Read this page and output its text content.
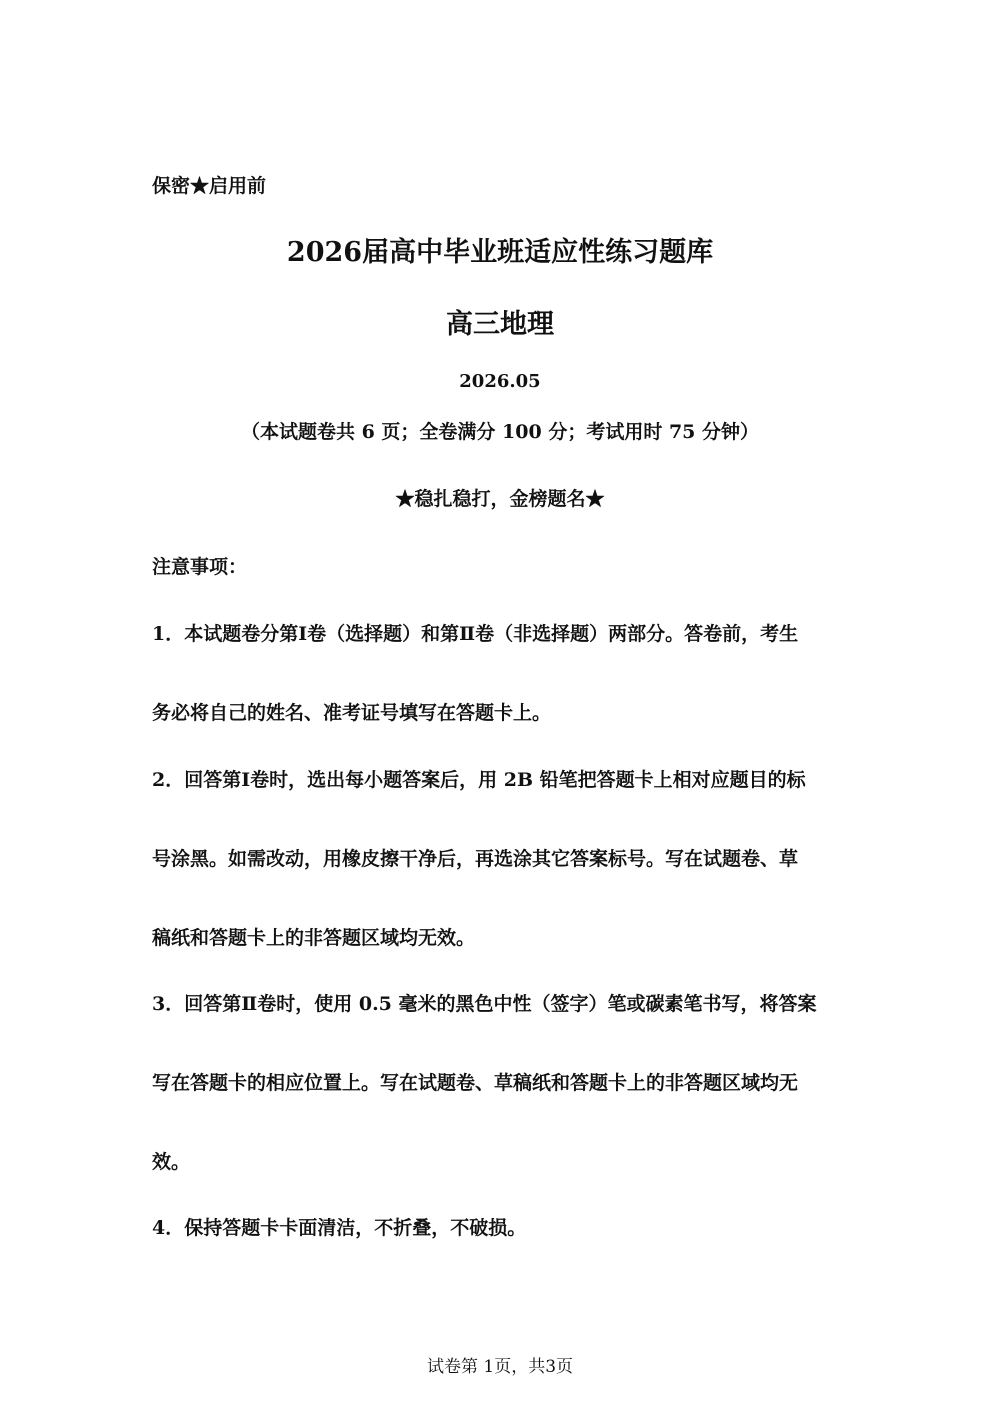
保密★启用前

2026届高中毕业班适应性练习题库
高三地理

2026.05

（本试题卷共 6 页；全卷满分 100 分；考试用时 75 分钟）

★稳扎稳打，金榜题名★

注意事项：

1．本试题卷分第Ⅰ卷（选择题）和第Ⅱ卷（非选择题）两部分。答卷前，考生

务必将自己的姓名、准考证号填写在答题卡上。

2．回答第Ⅰ卷时，选出每小题答案后，用 2B 铅笔把答题卡上相对应题目的标

号涂黑。如需改动，用橡皮擦干净后，再选涂其它答案标号。写在试题卷、草

稿纸和答题卡上的非答题区域均无效。

3．回答第Ⅱ卷时，使用 0.5 毫米的黑色中性（签字）笔或碳素笔书写，将答案

写在答题卡的相应位置上。写在试题卷、草稿纸和答题卡上的非答题区域均无

效。

4．保持答题卡卡面清洁，不折叠，不破损。

试卷第 1页，共3页
